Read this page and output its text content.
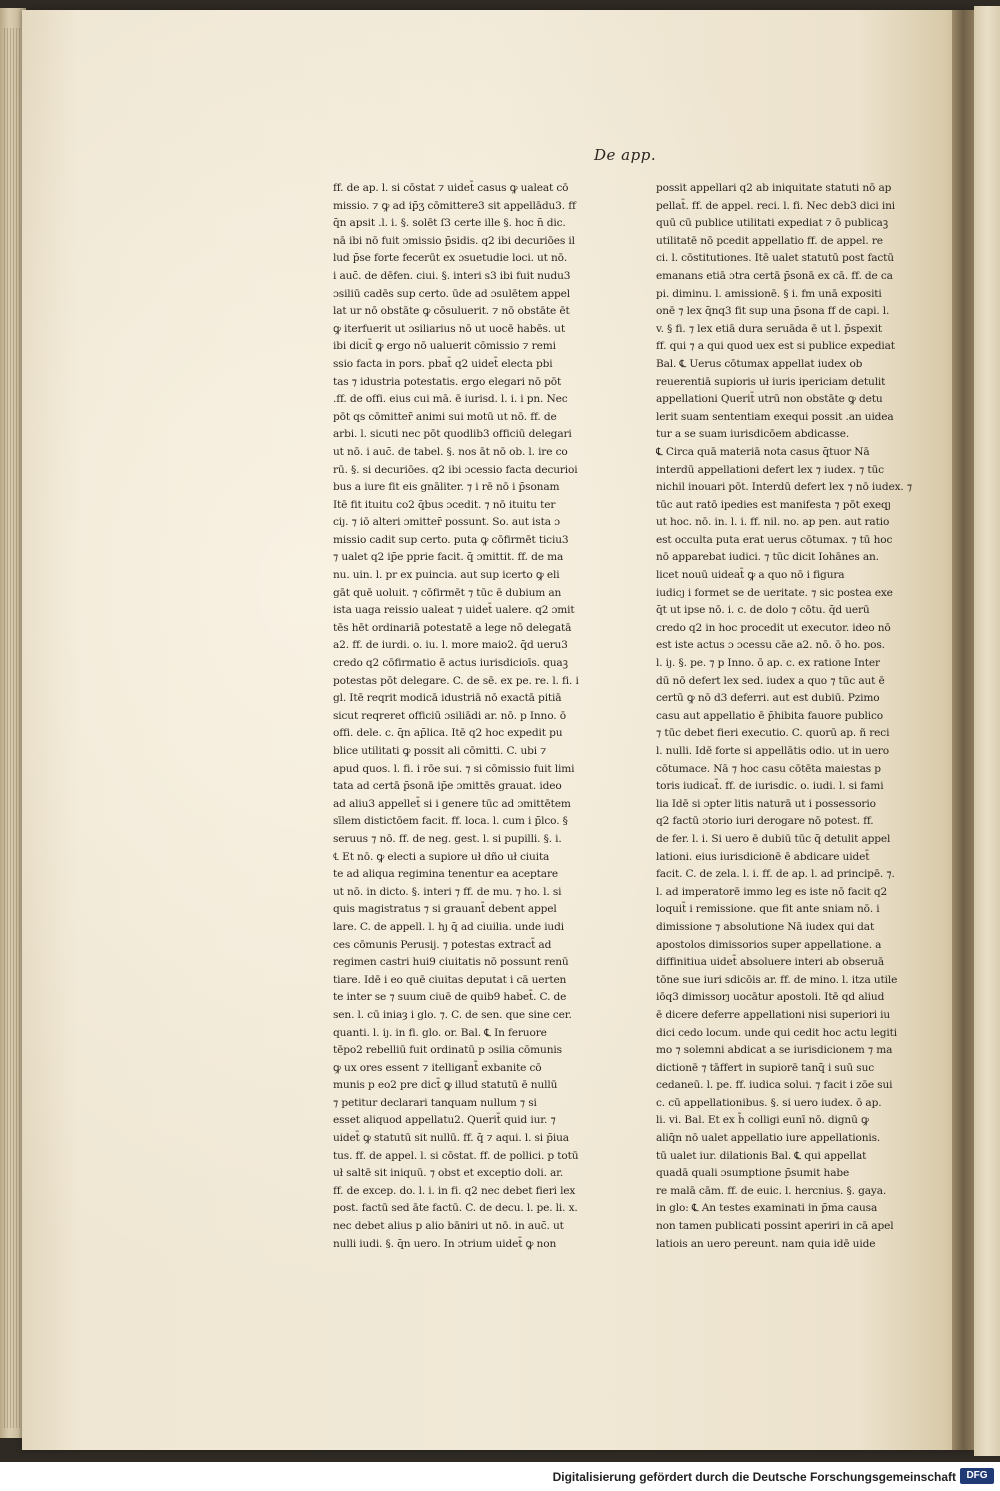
De app.
ff. de ap. l. si cōstat ⁊ uidet̄ casus ꝙ ualeat cō
missio. ⁊ ꝙ ad ip̄ʒ cōmittere3 sit appellādu3. ff
q̄n apsit .l. i. §. solēt ſ3 certe ille §. hoc n̄ dic.
nā ibi nō fuit ɔmissio p̄sidis. q2 ibi decuriōes il
lud p̄se forte fecerūt ex ɔsuetudie loci. ut nō.
i auc̄. de dēfen. ciui. §. interi s3 ibi fuit nudu3
ɔsiliū cadēs sup certo. ūde ad ɔsulētem appel
lat ur nō obstāte ꝙ cōsuluerit. ⁊ nō obstāte ēt
ꝙ iterfuerit ut ɔsiliarius nō ut uocē habēs. ut
ibi dicit̄ ꝙ ergo nō ualuerit cōmissio ⁊ remi
ssio facta in pors. pbat̄ q2 uidet̄ electa pbi
tas ⁊ idustria potestatis. ergo elegari nō pōt
.ff. de offi. eius cui mā. ē iurisd. l. i. i pn. Nec
pōt qs cōmitter̄ animi sui motū ut nō. ff. de
arbi. l. sicuti nec pōt quodlib3 officiū delegari
ut nō. i auc̄. de tabel. §. nos āt nō ob. l. ire co
rū. §. si decuriōes. q2 ibi ɔcessio facta decurioi
bus a iure fit eis gnāliter. ⁊ i rē nō i p̄sonam
Itē fit ituitu co2 q̄bus ɔcedit. ⁊ nō ituitu ter
ciȷ. ⁊ iō alteri ɔmitter̄ possunt. So. aut ista ɔ
missio cadit sup certo. puta ꝙ cōfirmēt ticiu3
⁊ ualet q2 ip̄e pprie facit. q̄ ɔmittit. ff. de ma
nu. uin. l. pr ex puincia. aut sup icerto ꝙ eli
gāt quē uoluit. ⁊ cōfirmēt ⁊ tūc ē dubium an
ista uaga reissio ualeat ⁊ uidet̄ ualere. q2 ɔmit
tēs hēt ordinariā potestatē a lege nō delegatā
a2. ff. de iurdi. o. iu. l. more maio2. q̄d ueru3
credo q2 cōfirmatio ē actus iurisdicioīs. quaꝫ
potestas pōt delegare. C. de sē. ex pe. re. l. fi. i
gl. Itē reqrit modicā idustriā nō exactā pitiā
sicut reqreret officiū ɔsiliādi ar. nō. p Inno. ō
offi. dele. c. q̄n ap̄lica. Itē q2 hoc expedit pu
blice utilitati ꝙ possit ali cōmitti. C. ubi ⁊
apud quos. l. fi. i rōe sui. ⁊ si cōmissio fuit limi
tata ad certā p̄sonā ip̄e ɔmittēs grauat. ideo
ad aliu3 appellet̄ si i genere tūc ad ɔmittētem
sīlem distictōem facit. ff. loca. l. cum i p̄lco. §
seruus ⁊ nō. ff. de neg. gest. l. si pupilli. §. i.
℄ Et nō. ꝙ electi a supiore uł dño uł ciuita
te ad aliqua regimina tenentur ea aceptare
ut nō. in dicto. §. interi ⁊ ff. de mu. ⁊ ho. l. si
quis magistratus ⁊ si grauant̄ debent appel
lare. C. de appell. l. hȷ q̄ ad ciuilia. unde iudi
ces cōmunis Perusij. ⁊ potestas extract̄ ad
regimen castri hui9 ciuitatis nō possunt renū
tiare. Idē i eo quē ciuitas deputat i cā uerten
te inter se ⁊ suum ciuē de quib9 habet̄. C. de
sen. l. cū iniaȝ i glo. ⁊. C. de sen. que sine cer.
quanti. l. iȷ. in fi. glo. or. Bal. ℄ In feruore
tēpo2 rebelliū fuit ordinatū p ɔsilia cōmunis
ꝙ ux ores essent ⁊ itelligant̄ exbanite cō
munis p eo2 pre dict̄ ꝙ illud statutū ē nullū
⁊ petitur declarari tanquam nullum ⁊ si
esset aliquod appellatu2. Querit̄ quid iur. ⁊
uidet̄ ꝙ statutū sit nullū. ff. q̄ ⁊ aqui. l. si p̄iua
tus. ff. de appel. l. si cōstat. ff. de pollici. p totū
uł saltē sit iniquū. ⁊ obst et exceptio doli. ar.
ff. de excep. do. l. i. in fi. q2 nec debet fieri lex
post. factū sed āte factū. C. de decu. l. pe. li. x.
nec debet alius p alio bāniri ut nō. in auc̄. ut
nulli iudi. §. q̄n uero. In ɔtrium uidet̄ ꝙ non
possit appellari q2 ab iniquitate statuti nō ap
pellat̄. ff. de appel. reci. l. fi. Nec deb3 dici ini
quū cū publice utilitati expediat ⁊ ō publicaꝫ
utilitatē nō pcedit appellatio ff. de appel. re
ci. l. cōstitutiones. Itē ualet statutū post factū
emanans etiā ɔtra certā p̄sonā ex cā. ff. de ca
pi. diminu. l. amissionē. § i. fm unā expositi
onē ⁊ lex q̄nq3 fit sup una p̄sona ff de capi. l.
v. § fi. ⁊ lex etiā dura seruāda ē ut l. p̄spexit
ff. qui ⁊ a qui quod uex est si publice expediat
Bal. ℄ Uerus cōtumax appellat iudex ob
reuerentiā supioris uł iuris ipericiam detulit
appellationi Querit̄ utrū non obstāte ꝙ detu
lerit suam sententiam exequi possit .an uidea
tur a se suam iurisdicōem abdicasse.
℄ Circa quā materiā nota casus q̄tuor Nā
interdū appellationi defert lex ⁊ iudex. ⁊ tūc
nichil inouari pōt. Interdū defert lex ⁊ nō iudex. ⁊
tūc aut ratō ipedies est manifesta ⁊ pōt exeqȷ
ut hoc. nō. in. l. i. ff. nil. no. ap pen. aut ratio
est occulta puta erat uerus cōtumax. ⁊ tū hoc
nō apparebat iudici. ⁊ tūc dicit Iohānes an.
licet nouū uideat̄ ꝙ a quo nō i figura
iudicȷ i formet se de ueritate. ⁊ sic postea exe
q̄t ut ipse nō. i. c. de dolo ⁊ cōtu. q̄d uerū
credo q2 in hoc procedit ut executor. ideo nō
est iste actus ɔ ɔcessu cāe a2. nō. ō ho. pos.
l. iȷ. §. pe. ⁊ p Inno. ō ap. c. ex ratione Inter
dū nō defert lex sed. iudex a quo ⁊ tūc aut ē
certū ꝙ nō d3 deferri. aut est dubiū. Pzimo
casu aut appellatio ē p̄hibita fauore publico
⁊ tūc debet fieri executio. C. quorū ap. ñ reci
l. nulli. Idē forte si appellātis odio. ut in uero
cōtumace. Nā ⁊ hoc casu cōtēta maiestas p
toris iudicat̄. ff. de iurisdic. o. iudi. l. si fami
lia Idē si ɔpter litis naturā ut i possessorio
q2 factū ɔtorio iuri derogare nō potest. ff.
de fer. l. i. Si uero ē dubiū tūc q̄ detulit appel
lationi. eius iurisdicionē ē abdicare uidet̄
facit. C. de zela. l. i. ff. de ap. l. ad principē. ⁊.
l. ad imperatorē immo leg es iste nō facit q2
loquit̄ i remissione. que fit ante sniam nō. i
dimissione ⁊ absolutione Nā iudex qui dat
apostolos dimissorios super appellatione. a
diffinitiua uidet̄ absoluere interi ab obseruā
tōne sue iuri sdicōis ar. ff. de mino. l. itza utile
iōq3 dimissorȷ uocātur apostoli. Itē qd aliud
ē dicere deferre appellationi nisi superiori iu
dici cedo locum. unde qui cedit hoc actu legiti
mo ⁊ solemni abdicat a se iurisdicionem ⁊ ma
dictionē ⁊ tāffert in supiorē tanq̄ i suū suc
cedaneū. l. pe. ff. iudica solui. ⁊ facit i zōe sui
c. cū appellationibus. §. si uero iudex. ō ap.
li. vi. Bal. Et ex h̄ colligi eunī nō. dignū ꝙ
aliq̄n nō ualet appellatio iure appellationis.
tū ualet iur. dilationis Bal. ℄ qui appellat
quadā quali ɔsumptione p̄sumit habe
re malā cām. ff. de euic. l. hercnius. §. gaya.
in glo: ℄ An testes examinati in p̄ma causa
non tamen publicati possint aperiri in cā apel
latiois an uero pereunt. nam quia idē uide
Digitalisierung gefördert durch die Deutsche Forschungsgemeinschaft	DFG
